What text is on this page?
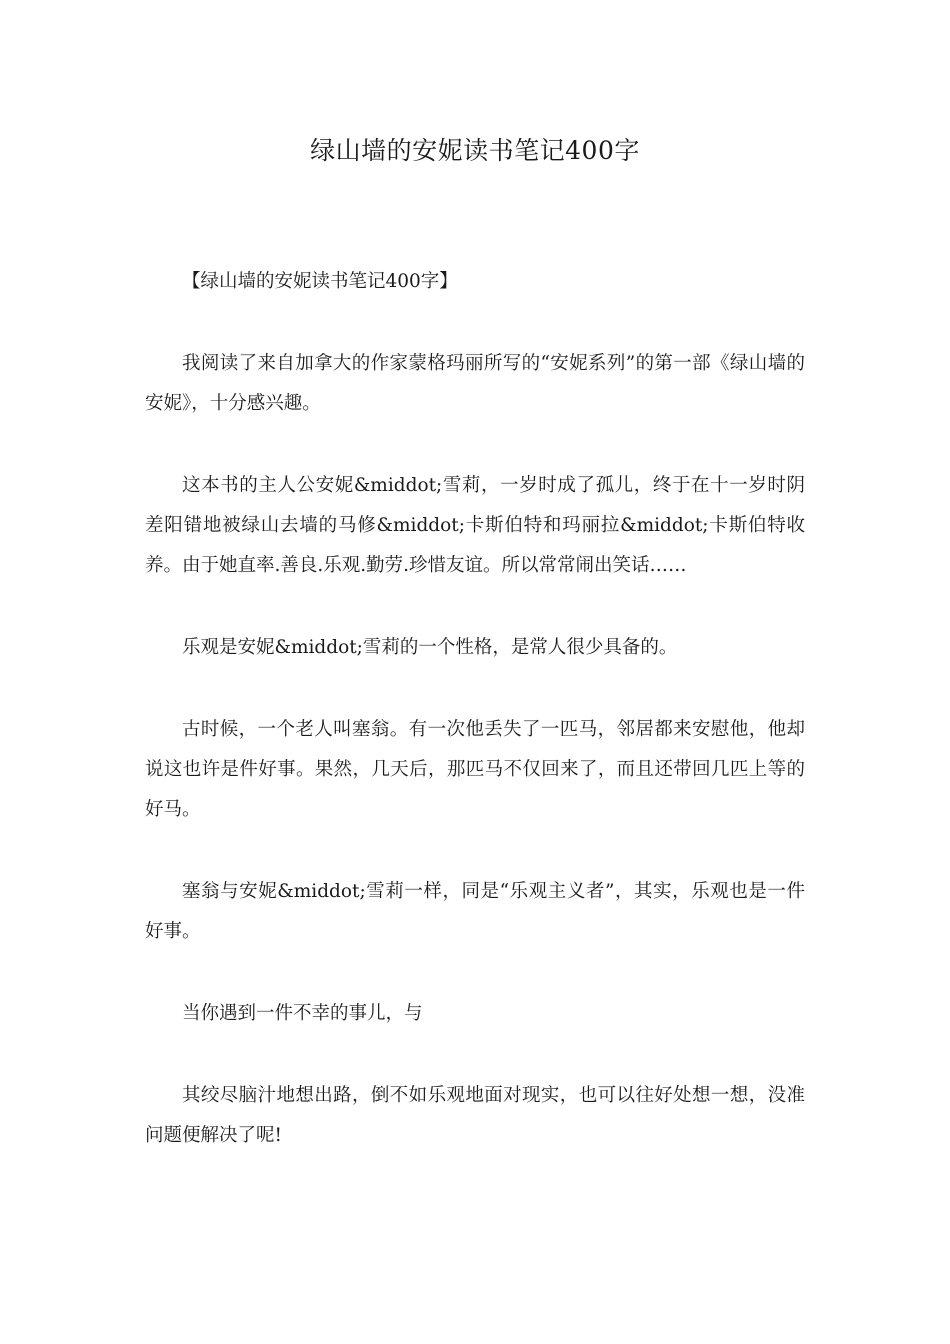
绿山墙的安妮读书笔记400字

【绿山墙的安妮读书笔记400字】

我阅读了来自加拿大的作家蒙格玛丽所写的“安妮系列”的第一部《绿山墙的安妮》，十分感兴趣。

这本书的主人公安妮&middot;雪莉，一岁时成了孤儿，终于在十一岁时阴差阳错地被绿山去墙的马修&middot;卡斯伯特和玛丽拉&middot;卡斯伯特收养。由于她直率.善良.乐观.勤劳.珍惜友谊。所以常常闹出笑话……

乐观是安妮&middot;雪莉的一个性格，是常人很少具备的。

古时候，一个老人叫塞翁。有一次他丢失了一匹马，邻居都来安慰他，他却说这也许是件好事。果然，几天后，那匹马不仅回来了，而且还带回几匹上等的好马。

塞翁与安妮&middot;雪莉一样，同是“乐观主义者”，其实，乐观也是一件好事。

当你遇到一件不幸的事儿，与

其绞尽脑汁地想出路，倒不如乐观地面对现实，也可以往好处想一想，没准问题便解决了呢!
